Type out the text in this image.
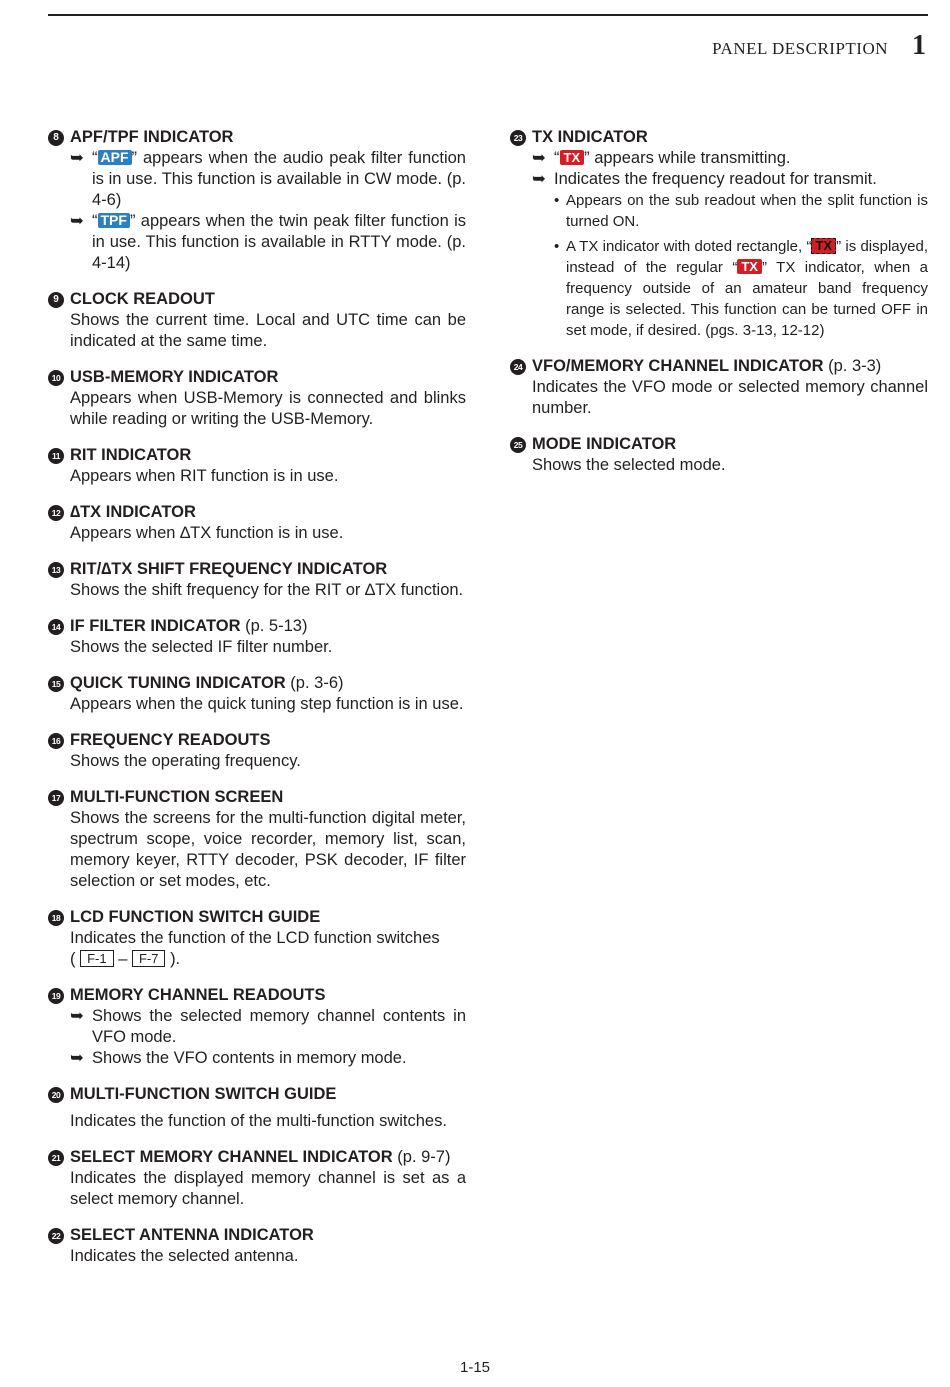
PANEL DESCRIPTION 1
8 APF/TPF INDICATOR
➥ “ APF ” appears when the audio peak filter function is in use. This function is available in CW mode. (p. 4-6)
➥ “ TPF ” appears when the twin peak filter function is in use. This function is available in RTTY mode. (p. 4-14)
9 CLOCK READOUT
Shows the current time. Local and UTC time can be indicated at the same time.
10 USB-MEMORY INDICATOR
Appears when USB-Memory is connected and blinks while reading or writing the USB-Memory.
11 RIT INDICATOR
Appears when RIT function is in use.
12 ∆TX INDICATOR
Appears when ∆TX function is in use.
13 RIT/∆TX SHIFT FREQUENCY INDICATOR
Shows the shift frequency for the RIT or ∆TX function.
14 IF FILTER INDICATOR (p. 5-13)
Shows the selected IF filter number.
15 QUICK TUNING INDICATOR (p. 3-6)
Appears when the quick tuning step function is in use.
16 FREQUENCY READOUTS
Shows the operating frequency.
17 MULTI-FUNCTION SCREEN
Shows the screens for the multi-function digital meter, spectrum scope, voice recorder, memory list, scan, memory keyer, RTTY decoder, PSK decoder, IF filter selection or set modes, etc.
18 LCD FUNCTION SWITCH GUIDE
Indicates the function of the LCD function switches
( F-1 – F-7 ).
19 MEMORY CHANNEL READOUTS
➥ Shows the selected memory channel contents in VFO mode.
➥ Shows the VFO contents in memory mode.
20 MULTI-FUNCTION SWITCH GUIDE
Indicates the function of the multi-function switches.
21 SELECT MEMORY CHANNEL INDICATOR (p. 9-7)
Indicates the displayed memory channel is set as a select memory channel.
22 SELECT ANTENNA INDICATOR
Indicates the selected antenna.
23 TX INDICATOR
➥ “ TX ” appears while transmitting.
➥ Indicates the frequency readout for transmit.
• Appears on the sub readout when the split function is turned ON.
• A TX indicator with doted rectangle, “ TX ” is displayed, instead of the regular “ TX ” TX indicator, when a frequency outside of an amateur band frequency range is selected. This function can be turned OFF in set mode, if desired. (pgs. 3-13, 12-12)
24 VFO/MEMORY CHANNEL INDICATOR (p. 3-3)
Indicates the VFO mode or selected memory channel number.
25 MODE INDICATOR
Shows the selected mode.
1-15
